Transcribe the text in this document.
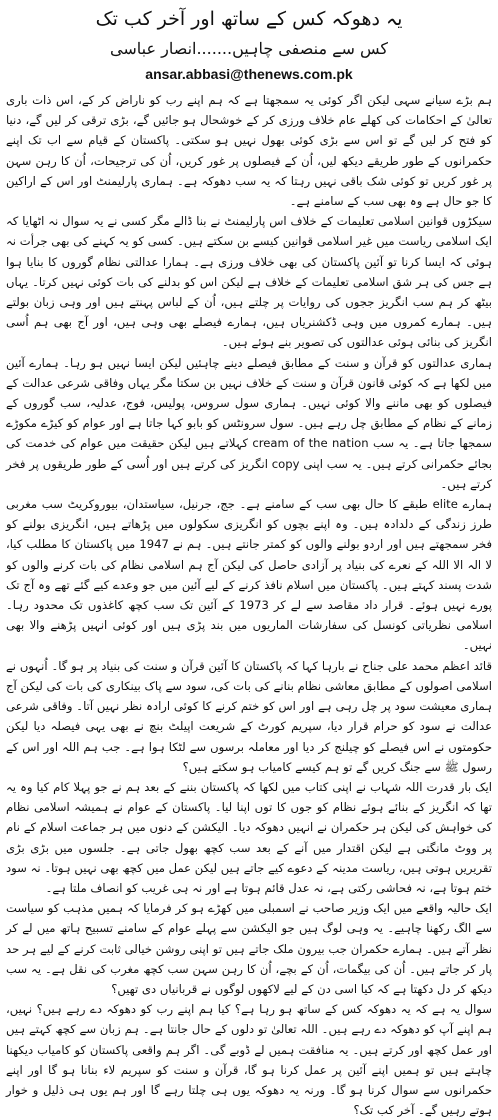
یہ دھوکہ کس کے ساتھ اور آخر کب تک
کس سے منصفی چاہیں.......انصار عباسی
ansar.abbasi@thenews.com.pk

ہم بڑے سیانے سہی لیکن اگر کوئی یہ سمجھتا ہے کہ ہم اپنے رب کو ناراض کر کے، اس ذات باری تعالیٰ کے احکامات کی کھلے عام خلاف ورزی کر کے خوشحال ہو جائیں گے، بڑی ترقی کر لیں گے، دنیا کو فتح کر لیں گے تو اس سے بڑی کوئی بھول نہیں ہو سکتی۔ پاکستان کے قیام سے اب تک اپنے حکمرانوں کے طور طریقے دیکھ لیں، اُن کے فیصلوں پر غور کریں، اُن کی ترجیحات، اُن کا رہن سہن پر غور کریں تو کوئی شک باقی نہیں رہتا کہ یہ سب دھوکہ ہے۔ ہماری پارلیمنٹ اور اس کے اراکین کا جو حال ہے وہ بھی سب کے سامنے ہے۔

سیکڑوں قوانین اسلامی تعلیمات کے خلاف اس پارلیمنٹ نے بنا ڈالے مگر کسی نے یہ سوال نہ اٹھایا کہ ایک اسلامی ریاست میں غیر اسلامی قوانین کیسے بن سکتے ہیں۔ کسی کو یہ کہنے کی بھی جرأت نہ ہوئی کہ ایسا کرنا تو آئین پاکستان کی بھی خلاف ورزی ہے۔ ہمارا عدالتی نظام گوروں کا بنایا ہوا ہے جس کی ہر شق اسلامی تعلیمات کے خلاف ہے لیکن اس کو بدلنے کی بات کوئی نہیں کرتا۔ یہاں بیٹھ کر ہم سب انگریز ججوں کی روایات پر چلتے ہیں، اُن کے لباس پہنتے ہیں اور وہی زبان بولتے ہیں۔ ہمارے کمروں میں وہی ڈکشنریاں ہیں، ہمارے فیصلے بھی وہی ہیں، اور آج بھی ہم اُسی انگریز کی بنائی ہوئی عدالتوں کی تصویر بنے ہوئے ہیں۔

ہماری عدالتوں کو قرآن و سنت کے مطابق فیصلے دینے چاہئیں لیکن ایسا نہیں ہو رہا۔ ہمارے آئین میں لکھا ہے کہ کوئی قانون قرآن و سنت کے خلاف نہیں بن سکتا مگر یہاں وفاقی شرعی عدالت کے فیصلوں کو بھی ماننے والا کوئی نہیں۔ ہماری سول سروس، پولیس، فوج، عدلیہ، سب گوروں کے زمانے کے نظام کے مطابق چل رہے ہیں۔ سول سرونٹس کو بابو کہا جاتا ہے اور عوام کو کیڑے مکوڑے سمجھا جاتا ہے۔ یہ سب cream of the nation کہلاتے ہیں لیکن حقیقت میں عوام کی خدمت کی بجائے حکمرانی کرتے ہیں۔ یہ سب اپنی copy انگریز کی کرتے ہیں اور اُسی کے طور طریقوں پر فخر کرتے ہیں۔

ہمارے elite طبقے کا حال بھی سب کے سامنے ہے۔ جج، جرنیل، سیاستدان، بیوروکریٹ سب مغربی طرز زندگی کے دلدادہ ہیں۔ وہ اپنے بچوں کو انگریزی سکولوں میں پڑھاتے ہیں، انگریزی بولنے کو فخر سمجھتے ہیں اور اردو بولنے والوں کو کمتر جانتے ہیں۔ ہم نے 1947 میں پاکستان کا مطلب کیا، لا الہ الا اللہ کے نعرے کی بنیاد پر آزادی حاصل کی لیکن آج ہم اسلامی نظام کی بات کرنے والوں کو شدت پسند کہتے ہیں۔ پاکستان میں اسلام نافذ کرنے کے لیے آئین میں جو وعدے کیے گئے تھے وہ آج تک پورے نہیں ہوئے۔ قرار داد مقاصد سے لے کر 1973 کے آئین تک سب کچھ کاغذوں تک محدود رہا۔ اسلامی نظریاتی کونسل کی سفارشات الماریوں میں بند پڑی ہیں اور کوئی انہیں پڑھنے والا بھی نہیں۔

قائد اعظم محمد علی جناح نے بارہا کہا کہ پاکستان کا آئین قرآن و سنت کی بنیاد پر ہو گا۔ اُنہوں نے اسلامی اصولوں کے مطابق معاشی نظام بنانے کی بات کی، سود سے پاک بینکاری کی بات کی لیکن آج ہماری معیشت سود پر چل رہی ہے اور اس کو ختم کرنے کا کوئی ارادہ نظر نہیں آتا۔ وفاقی شرعی عدالت نے سود کو حرام قرار دیا، سپریم کورٹ کے شریعت اپیلٹ بنچ نے بھی یہی فیصلہ دیا لیکن حکومتوں نے اس فیصلے کو چیلنج کر دیا اور معاملہ برسوں سے لٹکا ہوا ہے۔ جب ہم اللہ اور اس کے رسول ﷺ سے جنگ کریں گے تو ہم کیسے کامیاب ہو سکتے ہیں؟

ایک بار قدرت اللہ شہاب نے اپنی کتاب میں لکھا کہ پاکستان بننے کے بعد ہم نے جو پہلا کام کیا وہ یہ تھا کہ انگریز کے بنائے ہوئے نظام کو جوں کا توں اپنا لیا۔ پاکستان کے عوام نے ہمیشہ اسلامی نظام کی خواہش کی لیکن ہر حکمران نے انہیں دھوکہ دیا۔ الیکشن کے دنوں میں ہر جماعت اسلام کے نام پر ووٹ مانگتی ہے لیکن اقتدار میں آنے کے بعد سب کچھ بھول جاتی ہے۔ جلسوں میں بڑی بڑی تقریریں ہوتی ہیں، ریاست مدینہ کے دعوے کیے جاتے ہیں لیکن عمل میں کچھ بھی نہیں ہوتا۔ نہ سود ختم ہوتا ہے، نہ فحاشی رکتی ہے، نہ عدل قائم ہوتا ہے اور نہ ہی غریب کو انصاف ملتا ہے۔

ایک حالیہ واقعے میں ایک وزیر صاحب نے اسمبلی میں کھڑے ہو کر فرمایا کہ ہمیں مذہب کو سیاست سے الگ رکھنا چاہیے۔ یہ وہی لوگ ہیں جو الیکشن سے پہلے عوام کے سامنے تسبیح ہاتھ میں لے کر نظر آتے ہیں۔ ہمارے حکمران جب بیرون ملک جاتے ہیں تو اپنی روشن خیالی ثابت کرنے کے لیے ہر حد پار کر جاتے ہیں۔ اُن کی بیگمات، اُن کے بچے، اُن کا رہن سہن سب کچھ مغرب کی نقل ہے۔ یہ سب دیکھ کر دل دکھتا ہے کہ کیا اسی دن کے لیے لاکھوں لوگوں نے قربانیاں دی تھیں؟

سوال یہ ہے کہ یہ دھوکہ کس کے ساتھ ہو رہا ہے؟ کیا ہم اپنے رب کو دھوکہ دے رہے ہیں؟ نہیں، ہم اپنے آپ کو دھوکہ دے رہے ہیں۔ اللہ تعالیٰ تو دلوں کے حال جانتا ہے۔ ہم زبان سے کچھ کہتے ہیں اور عمل کچھ اور کرتے ہیں۔ یہ منافقت ہمیں لے ڈوبے گی۔ اگر ہم واقعی پاکستان کو کامیاب دیکھنا چاہتے ہیں تو ہمیں اپنے آئین پر عمل کرنا ہو گا، قرآن و سنت کو سپریم لاء بنانا ہو گا اور اپنے حکمرانوں سے سوال کرنا ہو گا۔ ورنہ یہ دھوکہ یوں ہی چلتا رہے گا اور ہم یوں ہی ذلیل و خوار ہوتے رہیں گے۔ آخر کب تک؟
